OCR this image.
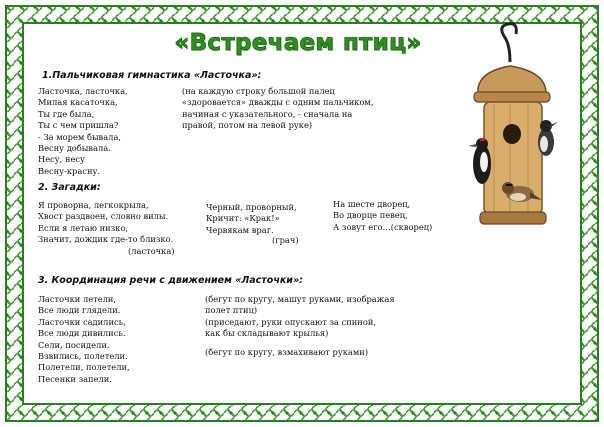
«Встречаем птиц»
1.Пальчиковая гимнастика «Ласточка»:
Ласточка, ласточка,
Милая касаточка,
Ты где была,
Ты с чем пришла?
- За морем бывала,
Весну добывала.
Несу, несу
Весну-красну.
(на каждую строку большой палец
«здоровается» дважды с одним пальчиком,
начиная с указательного, - сначала на
правой, потом на левой руке)
2. Загадки:
Я проворна, легкокрыла,
Хвост раздвоен, словно вилы.
Если я летаю низко,
Значит, дождик где-то близко.
(ласточка)
Черный, проворный,
Кричит: «Крак!»
Червякам враг.
(грач)
На шесте дворец,
Во дворце певец,
А зовут его…(скворец)
3. Координация речи с движением «Ласточки»:
Ласточки летели,
Все люди глядели.
Ласточки садились,
Все люди дивились.
Сели, посидели.
Взвились, полетели.
Полетели, полетели,
Песенки запели.
(бегут по кругу, машут руками, изображая
полет птиц)
(приседают, руки опускают за спиной,
как бы складывают крылья)
(бегут по кругу, взмахивают руками)
